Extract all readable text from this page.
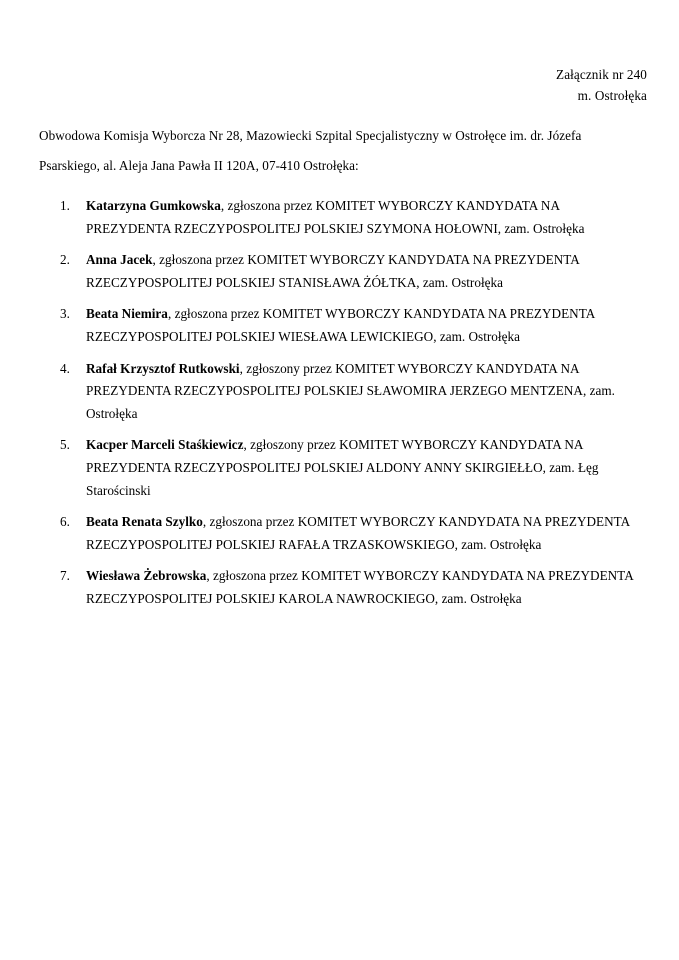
Załącznik nr 240
m. Ostrołęka
Obwodowa Komisja Wyborcza Nr 28, Mazowiecki Szpital Specjalistyczny w Ostrołęce im. dr. Józefa
Psarskiego, al. Aleja Jana Pawła II 120A, 07-410 Ostrołęka:
1.	Katarzyna Gumkowska, zgłoszona przez KOMITET WYBORCZY KANDYDATA NA PREZYDENTA RZECZYPOSPOLITEJ POLSKIEJ SZYMONA HOŁOWNI, zam. Ostrołęka
2.	Anna Jacek, zgłoszona przez KOMITET WYBORCZY KANDYDATA NA PREZYDENTA RZECZYPOSPOLITEJ POLSKIEJ STANISŁAWA ŻÓŁTKA, zam. Ostrołęka
3.	Beata Niemira, zgłoszona przez KOMITET WYBORCZY KANDYDATA NA PREZYDENTA RZECZYPOSPOLITEJ POLSKIEJ WIESŁAWA LEWICKIEGO, zam. Ostrołęka
4.	Rafał Krzysztof Rutkowski, zgłoszony przez KOMITET WYBORCZY KANDYDATA NA PREZYDENTA RZECZYPOSPOLITEJ POLSKIEJ SŁAWOMIRA JERZEGO MENTZENA, zam. Ostrołęka
5.	Kacper Marceli Staśkiewicz, zgłoszony przez KOMITET WYBORCZY KANDYDATA NA PREZYDENTA RZECZYPOSPOLITEJ POLSKIEJ ALDONY ANNY SKIRGIEŁŁO, zam. Łęg Starościnski
6.	Beata Renata Szylko, zgłoszona przez KOMITET WYBORCZY KANDYDATA NA PREZYDENTA RZECZYPOSPOLITEJ POLSKIEJ RAFAŁA TRZASKOWSKIEGO, zam. Ostrołęka
7.	Wiesława Żebrowska, zgłoszona przez KOMITET WYBORCZY KANDYDATA NA PREZYDENTA RZECZYPOSPOLITEJ POLSKIEJ KAROLA NAWROCKIEGO, zam. Ostrołęka
